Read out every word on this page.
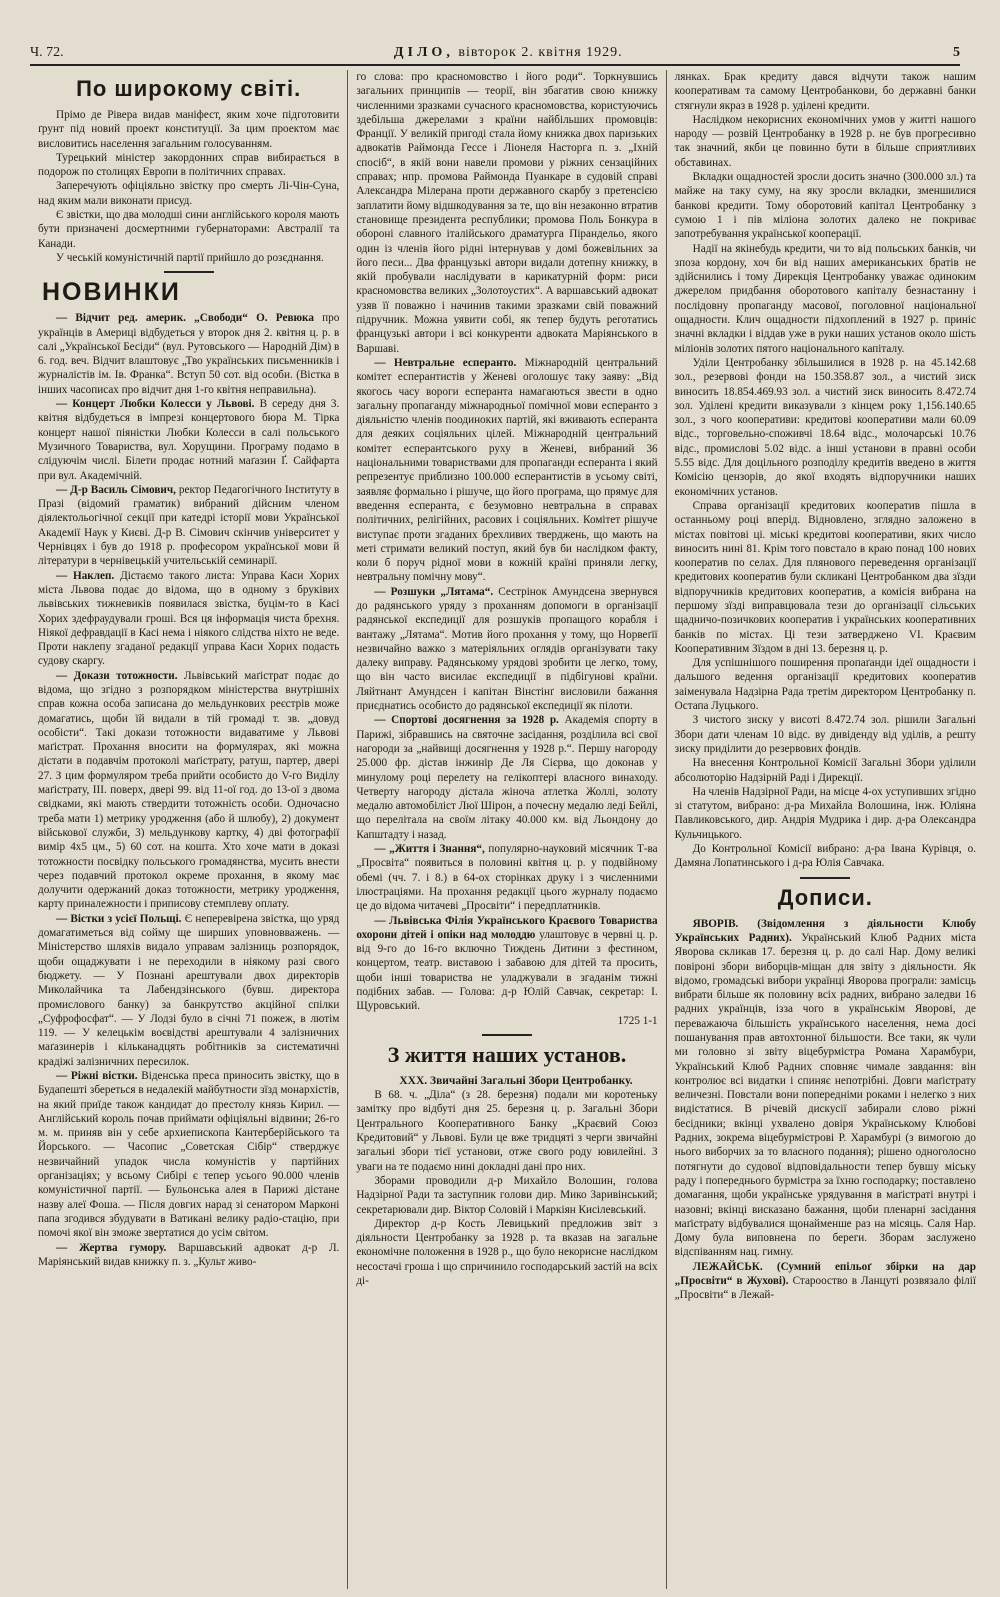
Ч. 72.	ДІЛО, вівторок 2. квітня 1929.	5
По широкому світі.

Прімо де Рівера видав маніфест, яким хоче підготовити ґрунт під новий проект конституції. За цим проектом має висловитись населення загальним голосуванням.

Турецький міністер закордонних справ вибирається в подорож по столицях Европи в політичних справах.

Заперечують офіціяльно звістку про смерть Лі-Чін-Суна, над яким мали виконати присуд.

Є звістки, що два молодші сини англійського короля мають бути призначені досмертними губернаторами: Австралії та Канади.

У чеській комуністичній партії прийшло до розєднання.

НОВИНКИ

— Відчит ред. америк. „Свободи“ О. Ревюка про українців в Америці відбудеться у второк дня 2. квітня ц. р. в салі „Української Бесіди“ (вул. Рутовського — Народній Дім) в 6. год. веч. Відчит влаштовує „Тво українських письменників і журналістів ім. Ів. Франка“. Вступ 50 сот. від особи. (Вістка в інших часописах про відчит дня 1-го квітня неправильна).

— Концерт Любки Колесси у Львові. В середу дня 3. квітня відбудеться в імпрезі концертового бюра М. Тірка концерт нашої піяністки Любки Колесси в салі польського Музичного Товариства, вул. Хорущини. Програму подамо в слідуючім числі. Білети продає нотний маґазин Ґ. Сайфарта при вул. Академічній.

— Д-р Василь Сімович, ректор Педагогічного Інституту в Празі (відомий граматик) вибраний дійсним членом діялектольогічної секції при катедрі історії мови Української Академії Наук у Києві. Д-р В. Сімович скінчив університет у Чернівцях і був до 1918 р. професором української мови й літератури в чернівецькій учительській семинарії.

— Наклеп. Дістаємо такого листа: Управа Каси Хорих міста Львова подає до відома, що в одному з бруківих львівських тижневиків появилася звістка, буцім-то в Касі Хорих здефраудували гроші. Вся ця інформація чиста брехня. Ніякої дефравдації в Касі нема і ніякого слідства ніхто не веде. Проти наклепу згаданої редакції управа Каси Хорих подасть судову скаргу.

— Докази тотожности. Львівський маґістрат подає до відома, що згідно з розпорядком міністерства внутрішніх справ кожна особа записана до мельдункових реєстрів може домагатись, щоби їй видали в тій громаді т. зв. „довуд особісти“. Такі докази тотожности видаватиме у Львові маґістрат. Прохання вносити на формулярах, які можна дістати в подавчім протоколі маґістрату, ратуш, партер, двері 27. З цим формуляром треба прийти особисто до V-го Виділу маґістрату, III. поверх, двері 99. від 11-ої год. до 13-ої з двома свідками, які мають ствердити тотожність особи. Одночасно треба мати 1) метрику уродження (або й шлюбу), 2) документ військової служби, 3) мельдункову картку, 4) дві фотографії вимір 4х5 цм., 5) 60 сот. на кошта. Хто хоче мати в доказі тотожности посвідку польського громадянства, мусить внести через подавчий протокол окреме прохання, в якому має долучити одержаний доказ тотожности, метрику уродження, карту приналежности і припиcову стемплеву оплату.

— Вістки з усієї Польщі. Є неперевірена звістка, що уряд домагатиметься від сойму ще ширших уповновважень. — Міністерство шляхів видало управам залізниць розпорядок, щоби ощаджувати і не переходили в ніякому разі свого бюджету. — У Познані арештували двох директорів Миколайчика та Лабендзінського (бувш. директора промислового банку) за банкрутство акційної спілки „Суфрофосфат“. — У Лодзі було в січні 71 пожеж, в лютім 119. — У келецькім воєвідстві арештували 4 залізничних маґазинерів і кільканадцять робітників за систематичні крадіжі залізничних пересилок.

— Ріжні вістки. Віденська преса приносить звістку, що в Будапешті збереться в недалекій майбутности зїзд монархістів, на який приїде також кандидат до престолу князь Кирил. — Англійський король почав приймати офіціяльні відвини; 26-го м. м. приняв він у себе архиепископа Кантерберійського та Йорського. — Часопис „Советская Сібір“ стверджує незвичайний упадок числа комуністів у партійних організаціях; у всьому Сибірі є тепер усього 90.000 членів комуністичної партії. — Бульонська алея в Парижі дістане назву алеї Фоша. — Після довгих нарад зі сенатором Марконі папа згодився збудувати в Ватикані велику радіо-стацію, при помочі якої він зможе звертатися до усім світом.

— Жертва гумору. Варшавський адвокат д-р Л. Маріянський видав книжку п. з. „Культ живо-

го слова: про красномовство і його роди“. Торкнувшись загальних принципів — теорії, він збагатив свою книжку численними зразками сучасного красномовства, користуючись здебільша джерелами з країни найбільших промовців: Франції. У великій пригоді стала йому книжка двох паризьких адвокатів Раймонда Гессе і Ліонеля Насторга п. з. „Іхній спосіб“, в якій вони навели промови у ріжних сензаційних справах; нпр. промова Раймонда Пуанкаре в судовій справі Александра Мілерана проти державного скарбу з претенсією заплатити йому відшкодування за те, що він незаконно втратив становище президента республики; промова Поль Бонкура в обороні славного італійського драматурга Пірандельо, якого один із членів його ріднi інтернував у домі божевільних за його песи... Два французькі автори видали дотепну книжку, в якій пробували наслідувати в карикатурній форм: риси красномовства великих „Золотоустих“. А варшавський адвокат узяв її поважно і начинив такими зразками свій поважний підручник. Можна уявити собі, як тепер будуть реготатись французькі автори і всі конкуренти адвоката Маріянського в Варшаві.

— Невтральне есперанто. Міжнародній центральний комітет есперантистів у Женеві оголошує таку заяву: „Від якогось часу вороги есперанта намагаються звести в одно загальну пропаганду міжнародньої помічної мови есперанто з діяльністю членів поодиноких партій, які вживають есперанта для деяких соціяльних цілей. Міжнародній центральний комітет есперантського руху в Женеві, вибраний 36 національними товариствами для пропаганди есперанта і який репрезентує приблизно 100.000 есперантистів в усьому світі, заявляє формально і рішуче, що його програма, що прямує для введення есперанта, є безумовно невтральна в справах політичних, релігійних, расових і соціяльних. Комітет рішуче виступає проти згаданих брехливих тверджень, що мають на меті стримати великий поступ, який був би наслідком факту, коли б поруч рідної мови в кожній країні приняли легку, невтральну помічну мову“.

— Розшуки „Лятама“. Сестрінок Амундсена звернувся до радянського уряду з проханням допомоги в організації радянської експедиції для розшуків пропащого корабля і вантажу „Лятама“. Мотив його прохання у тому, що Норвеґії незвичайно важко з матеріяльних оглядів організувати таку далеку виправу. Радянському урядові зробити це легко, тому, що він часто висилає експедиції в підбігунові країни. Ляйтнант Амундсен і капітан Вінстінґ висловили бажання приєднатись особисто до радянської експедиції як пілоти.

— Спортові досягнення за 1928 р. Академія спорту в Парижі, зібравшись на святочне засідання, розділила всі свої нагороди за „найвищі досягнення у 1928 р.“. Першу нагороду 25.000 фр. дістав інжинір Де Ля Сієрва, що доконав у минулому році перелету на гелікоптері власного винаходу. Четверту нагороду дістала жіноча атлетка Жоллі, золоту медалю автомобіліст Люї Шірон, а почесну медалю леді Бейлі, що перелітала на своїм літаку 40.000 км. від Льондону до Капштадту і назад.

— „Життя і Знання“, популярно-науковий місячник Т-ва „Просвіта“ появиться в половині квітня ц. р. у подвійному обемі (чч. 7. і 8.) в 64-ох сторінках друку і з численними ілюстраціями. На прохання редакції цього журналу подаємо це до відома читачеві „Просвіти“ і передплатників.

— Львівська Філія Українського Краєвого Товариства охорони дітей і опіки над молоддю улаштовує в червні ц. р. від 9-го до 16-го включно Тиждень Дитини з фестином, концертом, театр. виставою і забавою для дітей та просить, щоби інші товариства не уладжували в згаданім тижні подібних забав. — Голова: д-р Юлій Савчак, секретар: І. Щуровський.

1725 1-1

З життя наших установ.

XXX. Звичайні Загальні Збори Центробанку.

В 68. ч. „Діла“ (з 28. березня) подали ми коротеньку замітку про відбуті дня 25. березня ц. р. Загальні Збори Центрального Кооперативного Банку „Краєвий Союз Кредитовий“ у Львові. Були це вже тридцяті з черги звичайні загальні збори тієї установи, отже свого роду ювилейні. З уваги на те подаємо нині докладні дані про них.

Зборами проводили д-р Михайло Волошин, голова Надзірної Ради та заступник голови дир. Мико Заривінський; секретарювали дир. Віктор Соловій і Маркіян Кисілевський.

Директор д-р Кость Левицький предложив звіт з діяльности Центробанку за 1928 р. та вказав на загальне економічне положення в 1928 р., що було некорисне наслідком несостачі гроша і що спричинило господарський застій на всіх ді-

лянках. Брак кредиту дався відчути також нашим кооперативам та самому Центробанкови, бо державні банки стягнули якраз в 1928 р. уділені кредити.

Наслідком некорисних економічних умов у житті нашого народу — розвій Центробанку в 1928 р. не був прогресивно так значний, якби це повинно бути в більше сприятливих обставинах.

Вкладки ощадностей зросли досить значно (300.000 зл.) та майже на таку суму, на яку зросли вкладки, зменшилися банкові кредити. Тому оборотовий капітал Центробанку з сумою 1 і пів міліона золотих далеко не покриває запотребування української кооперації.

Надії на якінебудь кредити, чи то від польських банків, чи зпоза кордону, хоч би від наших американських братів не здійснились і тому Дирекція Центробанку уважає одиноким джерелом придбання оборотового капіталу безнастанну і послідовну пропаганду масової, поголовної національної ощадности. Клич ощадности підхоплений в 1927 р. приніс значні вкладки і віддав уже в руки наших установ около шість міліонів золотих пятого національного капіталу.

Уділи Центробанку збільшилися в 1928 р. на 45.142.68 зол., резервові фонди на 150.358.87 зол., а чистий зиск виносить 18.854.469.93 зол. а чистий зиск виносить 8.472.74 зол. Уділені кредити виказували з кінцем року 1,156.140.65 зол., з чого кооперативи: кредитові кооперативи мали 60.09 відс., торговельно-споживчі 18.64 відс., молочарські 10.76 відс., промислові 5.02 відс. а інші установи в правні особи 5.55 відс. Для доцільного розподілу кредитів введено в життя Комісію цензорів, до якої входять відпоручники наших економічних установ.

Справа організації кредитових кооператив пішла в останньому році вперід. Відновлено, зглядно заложено в містах повітові ці. міські кредитові кооперативи, яких число виносить нині 81. Крім того повстало в краю понад 100 нових кооператив по селах. Для плянового переведення організації кредитових кооператив були скликані Центробанком два зїзди відпоручників кредитових кооператив, а комісія вибрана на першому зїзді виправцювала тези до організації сільських щадничо-позичкових кооператив і українських кооперативних банків по містах. Ці тези затверджено VI. Краєвим Кооперативним Зїздом в дні 13. березня ц. р.

Для успішнішого поширення пропаґанди ідеї ощадности і дальшого ведення організації кредитових кооператив заіменувала Надзірна Рада третім директором Центробанку п. Остапа Луцького.

З чистого зиску у висоті 8.472.74 зол. рішили Загальні Збори дати членам 10 відс. ву дивіденду від уділів, а решту зиску приділити до резервових фондів.

На внесення Контрольної Комісії Загальні Збори уділили абсолюторію Надзірній Раді і Дирекції.

На членів Надзірної Ради, на місце 4-ох уступивших згідно зі статутом, вибрано: д-ра Михайла Волошина, інж. Юліяна Павликовського, дир. Андрія Мудрика і дир. д-ра Олександра Кульчицького.

До Контрольної Комісії вибрано: д-ра Івана Курівця, о. Дамяна Лопатинського і д-ра Юлія Савчака.

Дописи.

ЯВОРІВ. (Звідомлення з діяльности Клюбу Українських Радних). Український Клюб Радних міста Яворова скликав 17. березня ц. р. до салі Нар. Дому великі повіроні збори виборців-міщан для звіту з діяльности. Як відомо, громадські вибори українці Яворова програли: замісць вибрати більше як половину всіх радних, вибрано заледви 16 радних українців, ізза чого в українськім Яворові, де переважаюча більшість українського населення, нема досі пошанування прав автохтонної більшости. Все таки, як чули ми головно зі звіту віцебурмістра Романа Харамбури, Український Клюб Радних сповняє чимале завдання: він контролює всі видатки і спиняє непотрібні. Довги маґістрату величезні. Повстали вони попередніми роками і нелегко з них видістатися. В річевій дискусії забирали слово ріжні бесідники; вкінці ухвалено довіря Українському Клюбові Радних, зокрема віцебурмістрові Р. Харамбурі (з вимогою до нього виборчих за то власного подання); рішено одноголосно потягнути до судової відповідальности тепер бувшу міську раду і попереднього бурмістра за їхню господарку; поставлено домагання, щоби українське урядування в маґістраті внутрі і назовні; вкінці висказано бажання, щоби пленарні засідання маґістрату відбувалися щонайменше раз на місяць. Саля Нар. Дому була виповнена по береги. Зборам заслужено відспіванням нац. гимну.

ЛЕЖАЙСЬК. (Сумний епільоґ збірки на дар „Просвіти“ в Жухові). Старооство в Ланцуті розвязало філії „Просвіти“ в Лежай-
